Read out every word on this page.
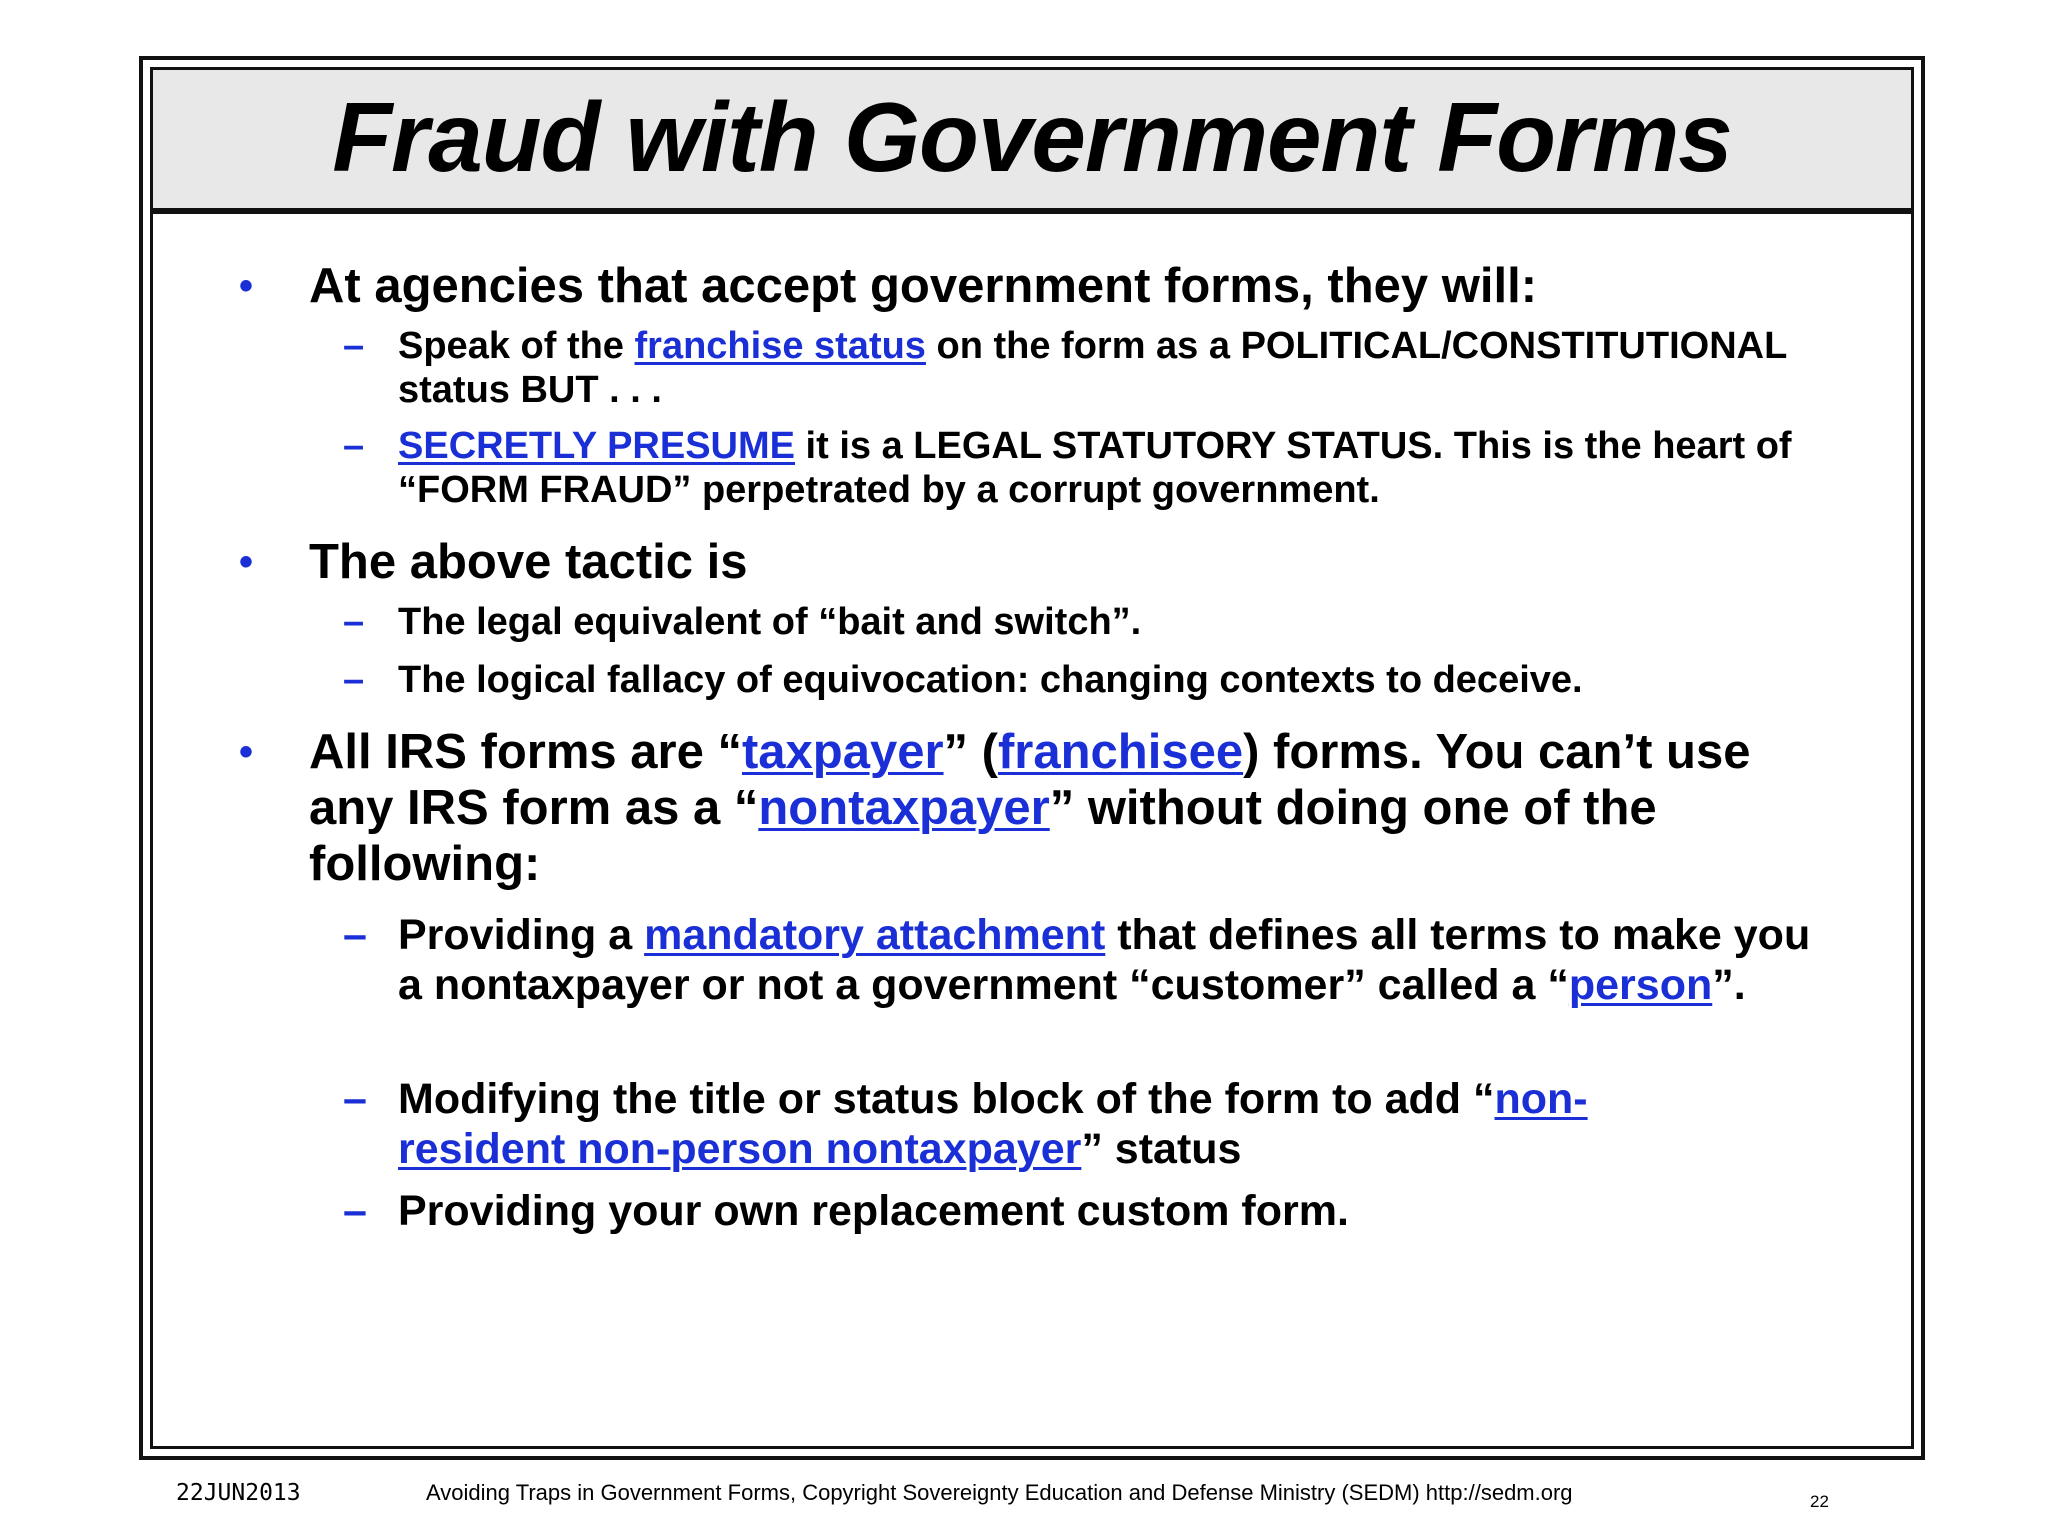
Fraud with Government Forms
• At agencies that accept government forms, they will:
– Speak of the franchise status on the form as a POLITICAL/CONSTITUTIONAL status BUT . . .
– SECRETLY PRESUME it is a LEGAL STATUTORY STATUS. This is the heart of “FORM FRAUD” perpetrated by a corrupt government.
• The above tactic is
– The legal equivalent of “bait and switch”.
– The logical fallacy of equivocation: changing contexts to deceive.
• All IRS forms are “taxpayer” (franchisee) forms. You can’t use any IRS form as a “nontaxpayer” without doing one of the following:
– Providing a mandatory attachment that defines all terms to make you a nontaxpayer or not a government “customer” called a “person”.
– Modifying the title or status block of the form to add “non-resident non-person nontaxpayer” status
– Providing your own replacement custom form.
22JUN2013	Avoiding Traps in Government Forms, Copyright Sovereignty Education and Defense Ministry (SEDM) http://sedm.org	22
